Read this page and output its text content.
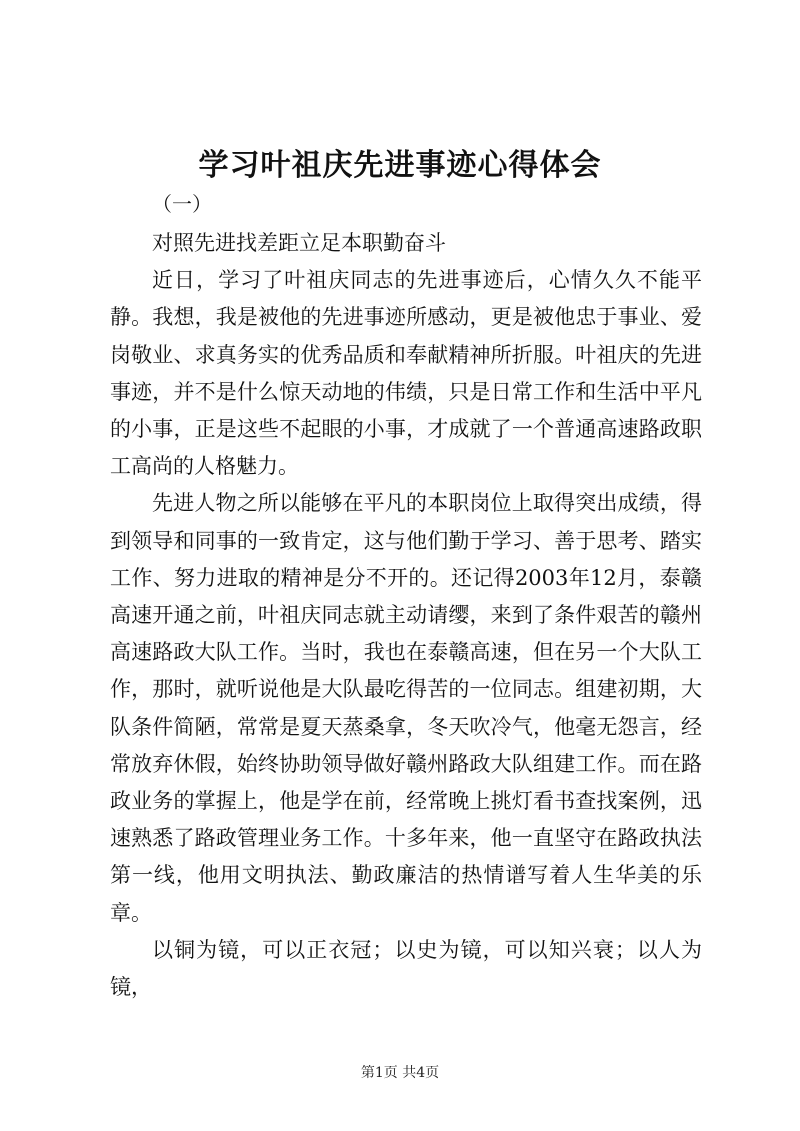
学习叶祖庆先进事迹心得体会
（一）

对照先进找差距立足本职勤奋斗

近日，学习了叶祖庆同志的先进事迹后，心情久久不能平静。我想，我是被他的先进事迹所感动，更是被他忠于事业、爱岗敬业、求真务实的优秀品质和奉献精神所折服。叶祖庆的先进事迹，并不是什么惊天动地的伟绩，只是日常工作和生活中平凡的小事，正是这些不起眼的小事，才成就了一个普通高速路政职工高尚的人格魅力。

先进人物之所以能够在平凡的本职岗位上取得突出成绩，得到领导和同事的一致肯定，这与他们勤于学习、善于思考、踏实工作、努力进取的精神是分不开的。还记得2003年12月，泰赣高速开通之前，叶祖庆同志就主动请缨，来到了条件艰苦的赣州高速路政大队工作。当时，我也在泰赣高速，但在另一个大队工作，那时，就听说他是大队最吃得苦的一位同志。组建初期，大队条件简陋，常常是夏天蒸桑拿，冬天吹冷气，他毫无怨言，经常放弃休假，始终协助领导做好赣州路政大队组建工作。而在路政业务的掌握上，他是学在前，经常晚上挑灯看书查找案例，迅速熟悉了路政管理业务工作。十多年来，他一直坚守在路政执法第一线，他用文明执法、勤政廉洁的热情谱写着人生华美的乐章。

以铜为镜，可以正衣冠；以史为镜，可以知兴衰；以人为镜，

第1页 共4页
